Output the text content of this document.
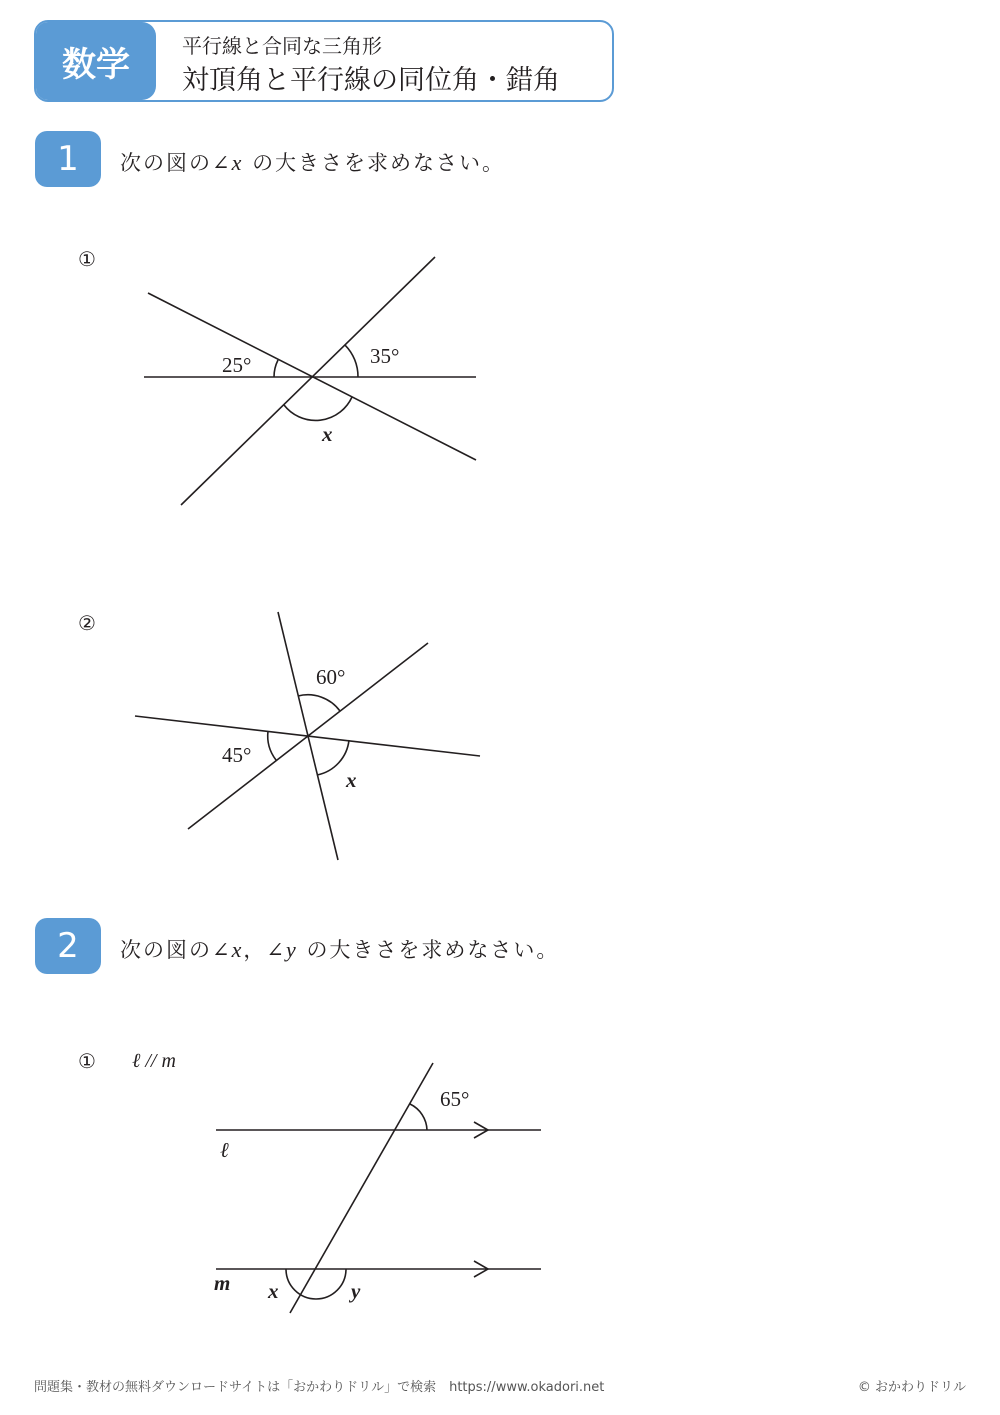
数学	平行線と合同な三角形
対頂角と平行線の同位角・錯角
1	次の図の∠x の大きさを求めなさい。
①
②
2	次の図の∠x，∠y の大きさを求めなさい。
① ℓ // m
25°	35°
x
60°
45°
x
65°
ℓ
m x	y
問題集・教材の無料ダウンロードサイトは「おかわりドリル」で検索　https://www.okadori.net	© おかわりドリル
